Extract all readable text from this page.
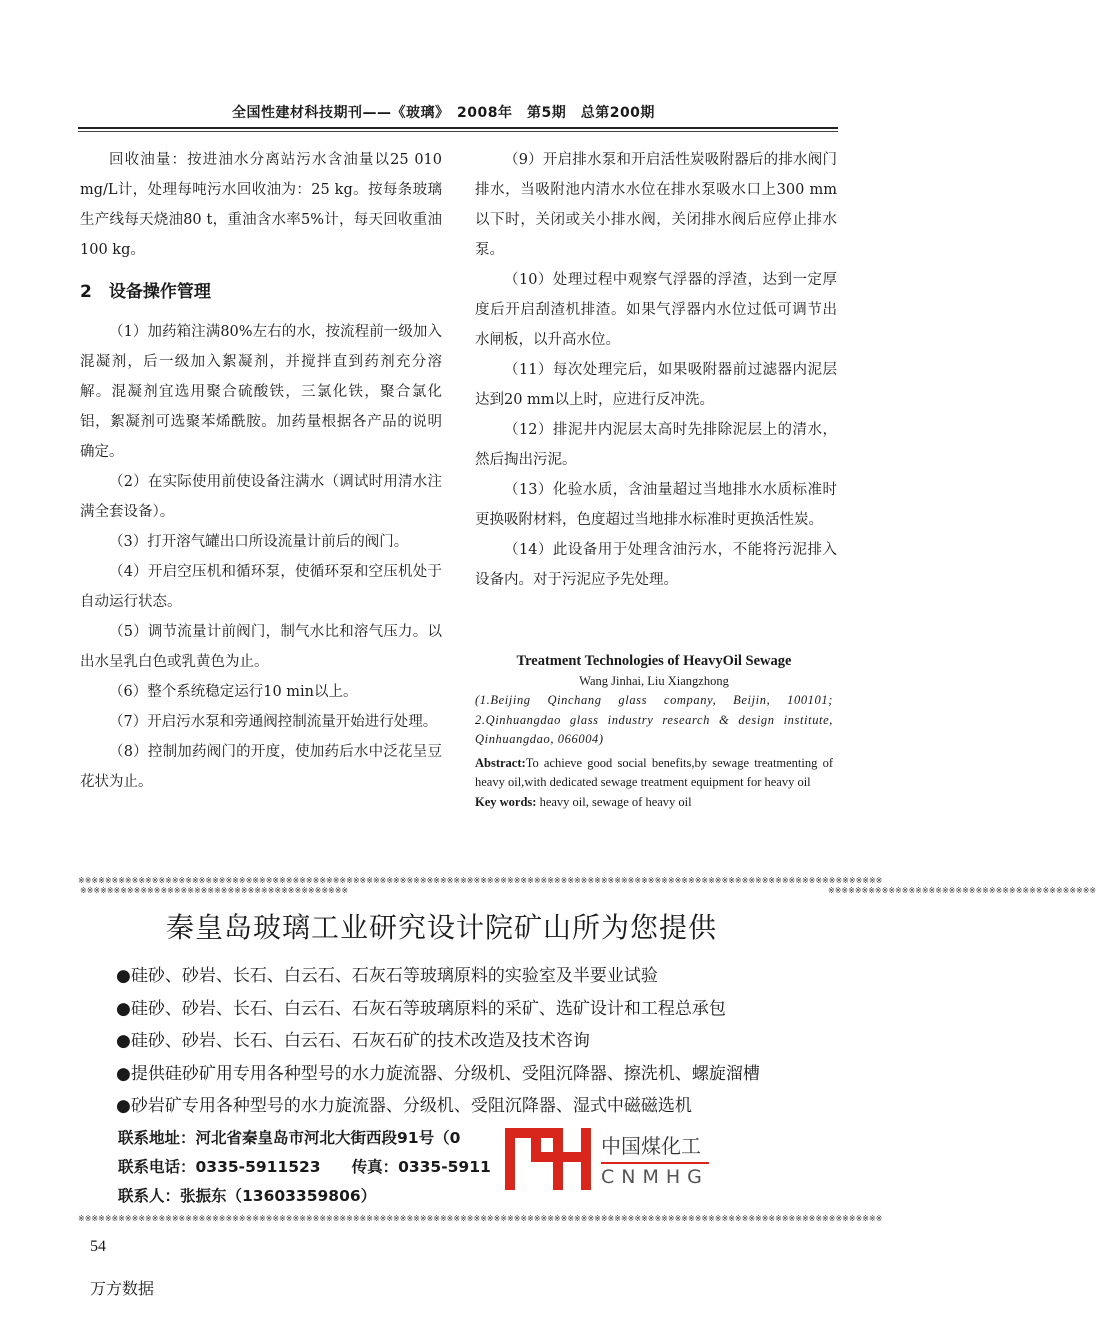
全国性建材科技期刊——《玻璃》　2008年　第5期　总第200期

回收油量：按进油水分离站污水含油量以25 010 mg/L计，处理每吨污水回收油为：25 kg。按每条玻璃生产线每天烧油80 t，重油含水率5%计，每天回收重油100 kg。

2　设备操作管理

（1）加药箱注满80%左右的水，按流程前一级加入混凝剂，后一级加入絮凝剂，并搅拌直到药剂充分溶解。混凝剂宜选用聚合硫酸铁，三氯化铁，聚合氯化铝，絮凝剂可选聚苯烯酰胺。加药量根据各产品的说明确定。

（2）在实际使用前使设备注满水（调试时用清水注满全套设备）。

（3）打开溶气罐出口所设流量计前后的阀门。

（4）开启空压机和循环泵，使循环泵和空压机处于自动运行状态。

（5）调节流量计前阀门，制气水比和溶气压力。以出水呈乳白色或乳黄色为止。

（6）整个系统稳定运行10 min以上。

（7）开启污水泵和旁通阀控制流量开始进行处理。

（8）控制加药阀门的开度，使加药后水中泛花呈豆花状为止。

（9）开启排水泵和开启活性炭吸附器后的排水阀门排水，当吸附池内清水水位在排水泵吸水口上300 mm以下时，关闭或关小排水阀，关闭排水阀后应停止排水泵。

（10）处理过程中观察气浮器的浮渣，达到一定厚度后开启刮渣机排渣。如果气浮器内水位过低可调节出水闸板，以升高水位。

（11）每次处理完后，如果吸附器前过滤器内泥层达到20 mm以上时，应进行反冲洗。

（12）排泥井内泥层太高时先排除泥层上的清水，然后掏出污泥。

（13）化验水质，含油量超过当地排水水质标准时更换吸附材料，色度超过当地排水标准时更换活性炭。

（14）此设备用于处理含油污水，不能将污泥排入设备内。对于污泥应予先处理。

Treatment Technologies of HeavyOil Sewage
Wang Jinhai, Liu Xiangzhong
(1.Beijing Qinchang glass company, Beijin, 100101; 2.Qinhuangdao glass industry research & design institute, Qinhuangdao, 066004)
Abstract:To achieve good social benefits,by sewage treatmenting of heavy oil,with dedicated sewage treatment equipment for heavy oil
Key words: heavy oil, sewage of heavy oil
※※※※※※※※※※※※※※※※※※※※※※※※※※※※※※※※※※※※※※※※※※※※※※※※※※※※※※※※※※※※※※※※※※※※※※※※※※※※※※※※※※※※※※※※※※※※※※※※※※※※※※※※※※※※※※※※※※※※※※※※
※※※※※※※※※※※※※※※※※※※※※※※※※※※※※※※※※※※※※※※※※※※※※※※※※※※※※※※※※※※※※※※※※※※※※※※※※※※※※※※※※※※※※※※※※※※※※※※※※※※※※※※※※※※※※※※※※※※※※※※※
※※※※※※※※※※※※※※※※※※※※※※※※※※※※※※※※※※※※※※※※	※※※※※※※※※※※※※※※※※※※※※※※※※※※※※※※※※※※※※※※※
秦皇岛玻璃工业研究设计院矿山所为您提供
●硅砂、砂岩、长石、白云石、石灰石等玻璃原料的实验室及半要业试验
●硅砂、砂岩、长石、白云石、石灰石等玻璃原料的采矿、选矿设计和工程总承包
●硅砂、砂岩、长石、白云石、石灰石矿的技术改造及技术咨询
●提供硅砂矿用专用各种型号的水力旋流器、分级机、受阻沉降器、擦洗机、螺旋溜槽
●砂岩矿专用各种型号的水力旋流器、分级机、受阻沉降器、湿式中磁磁选机
联系地址：河北省秦皇岛市河北大街西段91号（0
联系电话：0335-5911523　　传真：0335-5911
联系人：张振东（13603359806）
中国煤化工
CNMHG
54
万方数据
